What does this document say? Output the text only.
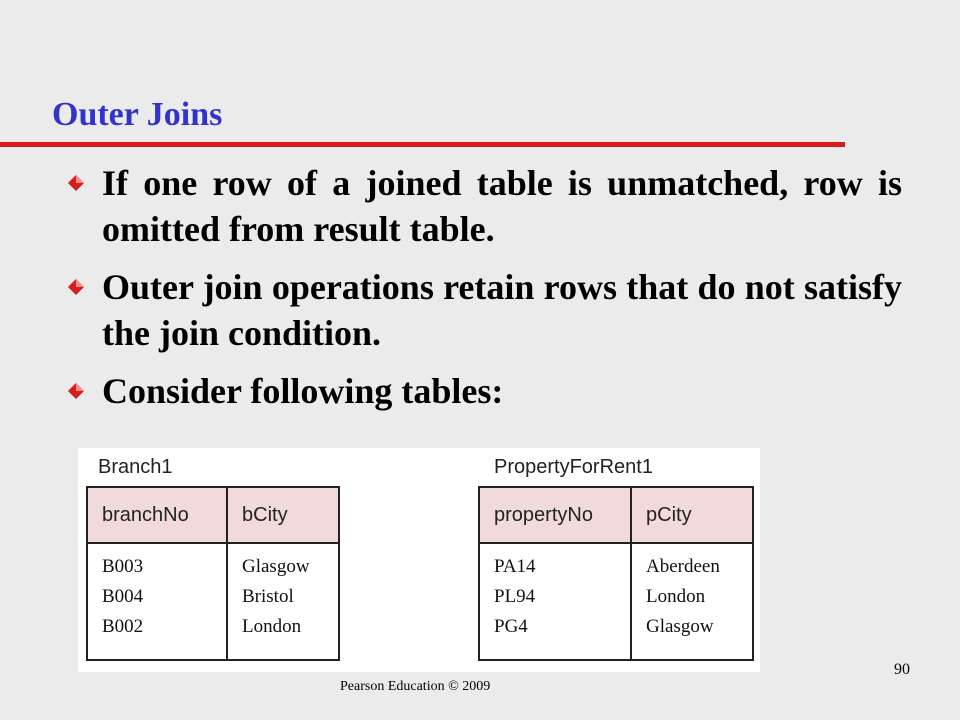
Outer Joins
If one row of a joined table is unmatched, row is omitted from result table.
Outer join operations retain rows that do not satisfy the join condition.
Consider following tables:
Branch1
branchNo
B003
B004
B002
bCity
Glasgow
Bristol
London
PropertyForRent1
propertyNo
PA14
PL94
PG4
pCity
Aberdeen
London
Glasgow
Pearson Education © 2009
90
